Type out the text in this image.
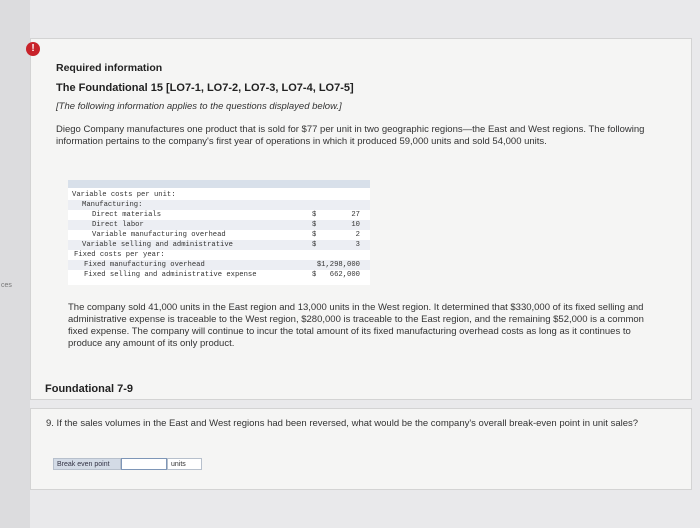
ces
!
Required information
The Foundational 15 [LO7-1, LO7-2, LO7-3, LO7-4, LO7-5]
[The following information applies to the questions displayed below.]
Diego Company manufactures one product that is sold for $77 per unit in two geographic regions—the East and West regions. The following information pertains to the company's first year of operations in which it produced 59,000 units and sold 54,000 units.
Variable costs per unit:
Manufacturing:
Direct materials	$	27
Direct labor	$	10
Variable manufacturing overhead	$	2
Variable selling and administrative	$	3
Fixed costs per year:
Fixed manufacturing overhead	$1,298,000
Fixed selling and administrative expense	$ 662,000
The company sold 41,000 units in the East region and 13,000 units in the West region. It determined that $330,000 of its fixed selling and administrative expense is traceable to the West region, $280,000 is traceable to the East region, and the remaining $52,000 is a common fixed expense. The company will continue to incur the total amount of its fixed manufacturing overhead costs as long as it continues to produce any amount of its only product.
Foundational 7-9
9. If the sales volumes in the East and West regions had been reversed, what would be the company's overall break-even point in unit sales?
Break even point	units
